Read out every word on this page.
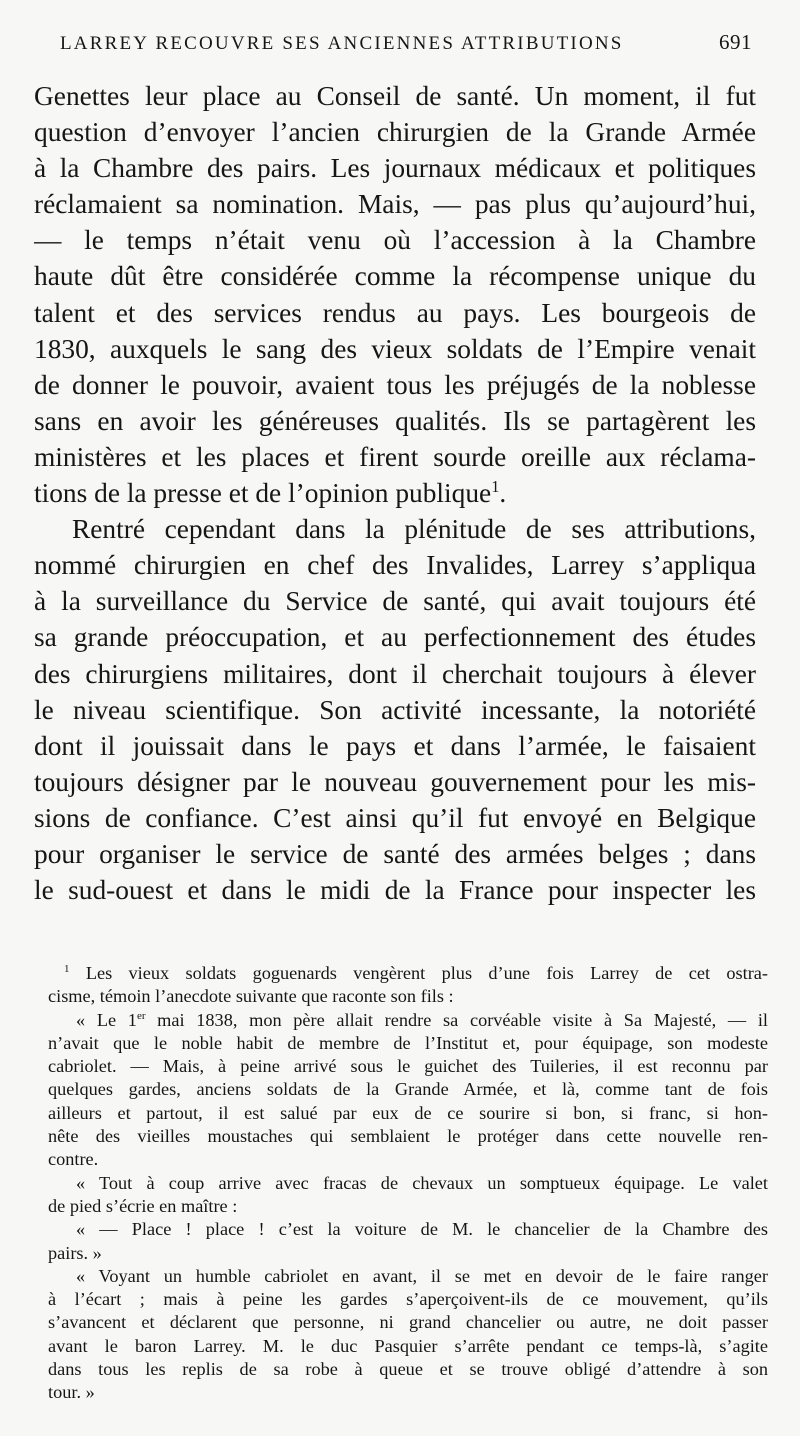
LARREY RECOUVRE SES ANCIENNES ATTRIBUTIONS	691
Genettes leur place au Conseil de santé. Un moment, il fut
question d’envoyer l’ancien chirurgien de la Grande Armée
à la Chambre des pairs. Les journaux médicaux et politiques
réclamaient sa nomination. Mais, — pas plus qu’aujourd’hui,
— le temps n’était venu où l’accession à la Chambre
haute dût être considérée comme la récompense unique du
talent et des services rendus au pays. Les bourgeois de
1830, auxquels le sang des vieux soldats de l’Empire venait
de donner le pouvoir, avaient tous les préjugés de la noblesse
sans en avoir les généreuses qualités. Ils se partagèrent les
ministères et les places et firent sourde oreille aux réclama-
tions de la presse et de l’opinion publique$^1$.
Rentré cependant dans la plénitude de ses attributions,
nommé chirurgien en chef des Invalides, Larrey s’appliqua
à la surveillance du Service de santé, qui avait toujours été
sa grande préoccupation, et au perfectionnement des études
des chirurgiens militaires, dont il cherchait toujours à élever
le niveau scientifique. Son activité incessante, la notoriété
dont il jouissait dans le pays et dans l’armée, le faisaient
toujours désigner par le nouveau gouvernement pour les mis-
sions de confiance. C’est ainsi qu’il fut envoyé en Belgique
pour organiser le service de santé des armées belges ; dans
le sud-ouest et dans le midi de la France pour inspecter les
$^1$ Les vieux soldats goguenards vengèrent plus d’une fois Larrey de cet ostra-
cisme, témoin l’anecdote suivante que raconte son fils :
« Le 1er mai 1838, mon père allait rendre sa corvéable visite à Sa Majesté, — il
n’avait que le noble habit de membre de l’Institut et, pour équipage, son modeste
cabriolet. — Mais, à peine arrivé sous le guichet des Tuileries, il est reconnu par
quelques gardes, anciens soldats de la Grande Armée, et là, comme tant de fois
ailleurs et partout, il est salué par eux de ce sourire si bon, si franc, si hon-
nête des vieilles moustaches qui semblaient le protéger dans cette nouvelle ren-
contre.
« Tout à coup arrive avec fracas de chevaux un somptueux équipage. Le valet
de pied s’écrie en maître :
« — Place ! place ! c’est la voiture de M. le chancelier de la Chambre des
pairs. »
« Voyant un humble cabriolet en avant, il se met en devoir de le faire ranger
à l’écart ; mais à peine les gardes s’aperçoivent-ils de ce mouvement, qu’ils
s’avancent et déclarent que personne, ni grand chancelier ou autre, ne doit passer
avant le baron Larrey. M. le duc Pasquier s’arrête pendant ce temps-là, s’agite
dans tous les replis de sa robe à queue et se trouve obligé d’attendre à son
tour. »
